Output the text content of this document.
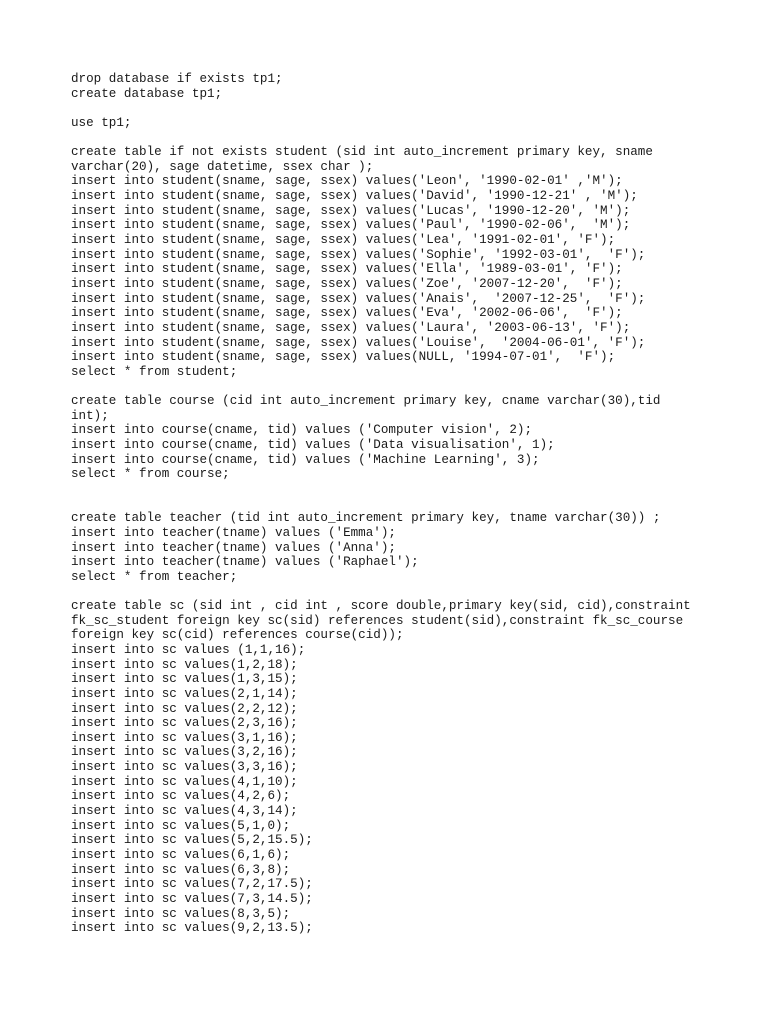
drop database if exists tp1;
create database tp1;
use tp1;
create table if not exists student (sid int auto_increment primary key, sname
varchar(20), sage datetime, ssex char );
insert into student(sname, sage, ssex) values('Leon', '1990-02-01' ,'M');
insert into student(sname, sage, ssex) values('David', '1990-12-21' , 'M');
insert into student(sname, sage, ssex) values('Lucas', '1990-12-20', 'M');
insert into student(sname, sage, ssex) values('Paul', '1990-02-06',  'M');
insert into student(sname, sage, ssex) values('Lea', '1991-02-01', 'F');
insert into student(sname, sage, ssex) values('Sophie', '1992-03-01',  'F');
insert into student(sname, sage, ssex) values('Ella', '1989-03-01', 'F');
insert into student(sname, sage, ssex) values('Zoe', '2007-12-20',  'F');
insert into student(sname, sage, ssex) values('Anais',  '2007-12-25',  'F');
insert into student(sname, sage, ssex) values('Eva', '2002-06-06',  'F');
insert into student(sname, sage, ssex) values('Laura', '2003-06-13', 'F');
insert into student(sname, sage, ssex) values('Louise',  '2004-06-01', 'F');
insert into student(sname, sage, ssex) values(NULL, '1994-07-01',  'F');
select * from student;
create table course (cid int auto_increment primary key, cname varchar(30),tid
int);
insert into course(cname, tid) values ('Computer vision', 2);
insert into course(cname, tid) values ('Data visualisation', 1);
insert into course(cname, tid) values ('Machine Learning', 3);
select * from course;
create table teacher (tid int auto_increment primary key, tname varchar(30)) ;
insert into teacher(tname) values ('Emma');
insert into teacher(tname) values ('Anna');
insert into teacher(tname) values ('Raphael');
select * from teacher;
create table sc (sid int , cid int , score double,primary key(sid, cid),constraint
fk_sc_student foreign key sc(sid) references student(sid),constraint fk_sc_course
foreign key sc(cid) references course(cid));
insert into sc values (1,1,16);
insert into sc values(1,2,18);
insert into sc values(1,3,15);
insert into sc values(2,1,14);
insert into sc values(2,2,12);
insert into sc values(2,3,16);
insert into sc values(3,1,16);
insert into sc values(3,2,16);
insert into sc values(3,3,16);
insert into sc values(4,1,10);
insert into sc values(4,2,6);
insert into sc values(4,3,14);
insert into sc values(5,1,0);
insert into sc values(5,2,15.5);
insert into sc values(6,1,6);
insert into sc values(6,3,8);
insert into sc values(7,2,17.5);
insert into sc values(7,3,14.5);
insert into sc values(8,3,5);
insert into sc values(9,2,13.5);
